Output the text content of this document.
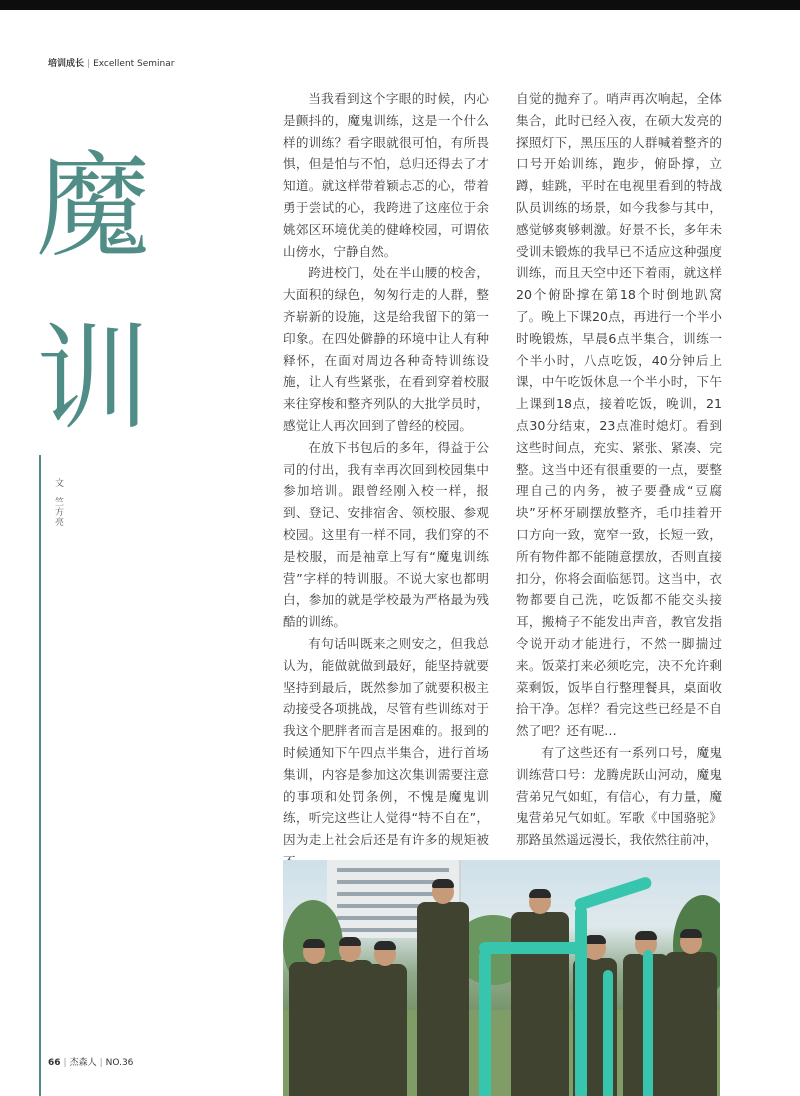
培训成长 | Excellent Seminar
魔
训
文 竺方亮

当我看到这个字眼的时候，内心是颤抖的，魔鬼训练，这是一个什么样的训练？看字眼就很可怕，有所畏惧，但是怕与不怕，总归还得去了才知道。就这样带着颖忐忑的心，带着勇于尝试的心，我跨进了这座位于余姚郊区环境优美的健峰校园，可谓依山傍水，宁静自然。

跨进校门，处在半山腰的校舍，大面积的绿色，匆匆行走的人群，整齐崭新的设施，这是给我留下的第一印象。在四处僻静的环境中让人有种释怀，在面对周边各种奇特训练设施，让人有些紧张，在看到穿着校服来往穿梭和整齐列队的大批学员时，感觉让人再次回到了曾经的校园。

在放下书包后的多年，得益于公司的付出，我有幸再次回到校园集中参加培训。跟曾经刚入校一样，报到、登记、安排宿舍、领校服、参观校园。这里有一样不同，我们穿的不是校服，而是袖章上写有“魔鬼训练营”字样的特训服。不说大家也都明白，参加的就是学校最为严格最为残酷的训练。

有句话叫既来之则安之，但我总认为，能做就做到最好，能坚持就要坚持到最后，既然参加了就要积极主动接受各项挑战，尽管有些训练对于我这个肥胖者而言是困难的。报到的时候通知下午四点半集合，进行首场集训，内容是参加这次集训需要注意的事项和处罚条例，不愧是魔鬼训练，听完这些让人觉得“特不自在”，因为走上社会后还是有许多的规矩被

自觉的抛弃了。哨声再次响起，全体集合，此时已经入夜，在硕大发亮的探照灯下，黑压压的人群喊着整齐的口号开始训练，跑步，俯卧撑，立蹲，蛙跳，平时在电视里看到的特战队员训练的场景，如今我参与其中，感觉够爽够刺激。好景不长，多年未受训未锻炼的我早已不适应这种强度训练，而且天空中还下着雨，就这样20个俯卧撑在第18个时倒地趴窝了。晚上下课20点，再进行一个半小时晚锻炼，早晨6点半集合，训练一个半小时，八点吃饭，40分钟后上课，中午吃饭休息一个半小时，下午上课到18点，接着吃饭，晚训，21点30分结束，23点准时熄灯。看到这些时间点，充实、紧张、紧凑、完整。这当中还有很重要的一点，要整理自己的内务，被子要叠成“豆腐块”牙杯牙刷摆放整齐，毛巾挂着开口方向一致，宽窄一致，长短一致，所有物件都不能随意摆放，否则直接扣分，你将会面临惩罚。这当中，衣物都要自己洗，吃饭都不能交头接耳，搬椅子不能发出声音，教官发指令说开动才能进行，不然一脚揣过来。饭菜打来必须吃完，决不允许剩菜剩饭，饭毕自行整理餐具，桌面收拾干净。怎样？看完这些已经是不自然了吧？还有呢…

有了这些还有一系列口号，魔鬼训练营口号：龙腾虎跃山河动，魔鬼营弟兄气如虹，有信心，有力量，魔鬼营弟兄气如虹。军歌《中国骆驼》那路虽然遥远漫长，我依然往前冲，

66 | 杰森人 | NO.36
